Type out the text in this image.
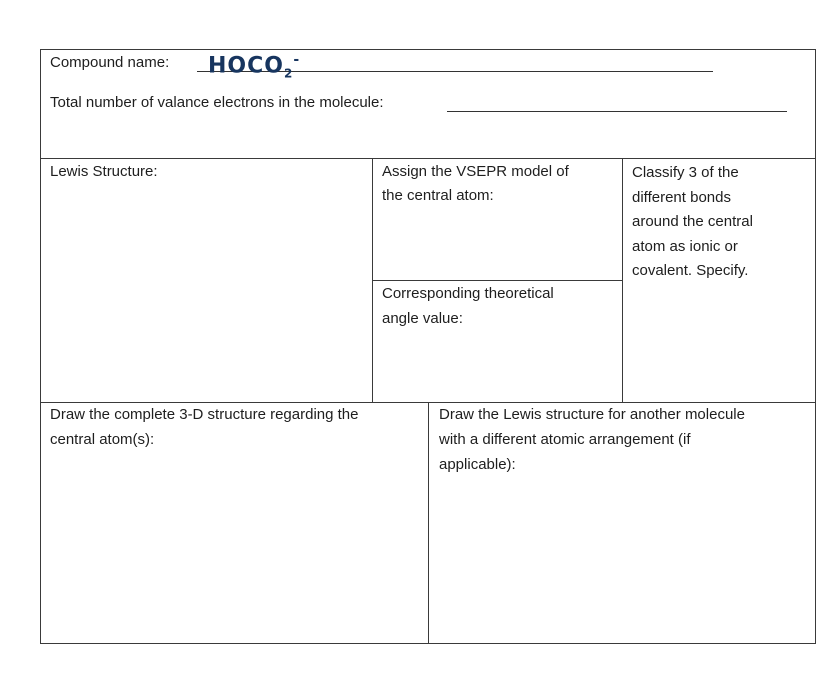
Compound name: $HOCO_2^-$
Total number of valance electrons in the molecule:
Lewis Structure:	Assign the VSEPR model of
the central atom:
Classify 3 of the
different bonds
around the central
atom as ionic or
covalent. Specify.
Corresponding theoretical
angle value:
Draw the complete 3-D structure regarding the
central atom(s):
Draw the Lewis structure for another molecule
with a different atomic arrangement (if
applicable):
